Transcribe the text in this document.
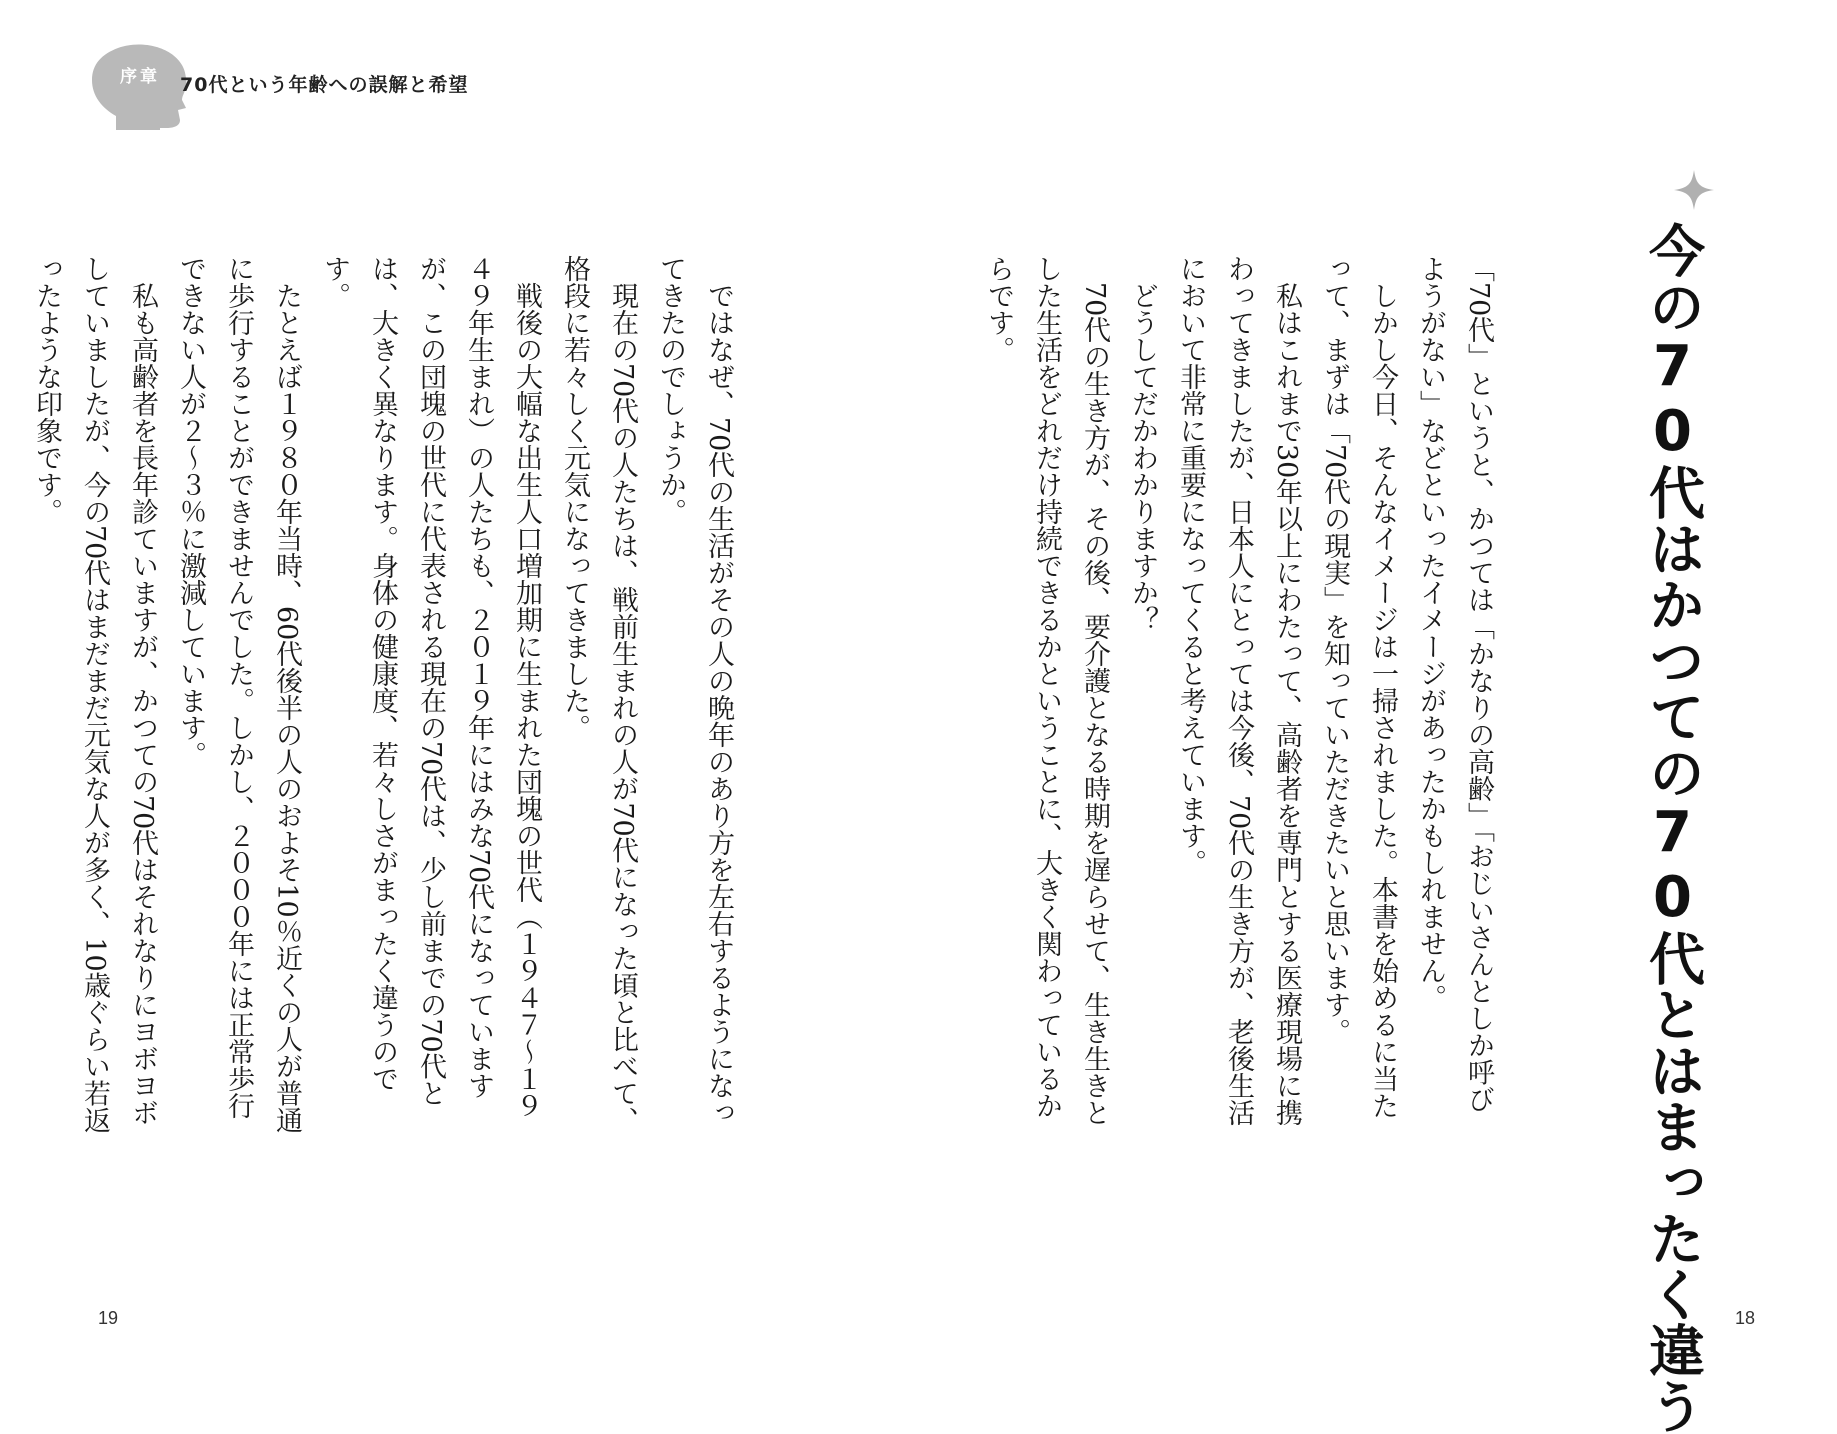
序章 70代という年齢への誤解と希望
今の70代はかつての70代とはまったく違う

「70代」というと、かつては「かなりの高齢」「おじいさんとしか呼びようがない」などといったイメージがあったかもしれません。

しかし今日、そんなイメージは一掃されました。本書を始めるに当たって、まずは「70代の現実」を知っていただきたいと思います。

私はこれまで30年以上にわたって、高齢者を専門とする医療現場に携わってきましたが、日本人にとっては今後、70代の生き方が、老後生活において非常に重要になってくると考えています。

どうしてだかわかりますか？

70代の生き方が、その後、要介護となる時期を遅らせて、生き生きとした生活をどれだけ持続できるかということに、大きく関わっているからです。

ではなぜ、70代の生活がその人の晩年のあり方を左右するようになってきたのでしょうか。

現在の70代の人たちは、戦前生まれの人が70代になった頃と比べて、格段に若々しく元気になってきました。

戦後の大幅な出生人口増加期に生まれた団塊の世代（１９４７〜１９４９年生まれ）の人たちも、２０１９年にはみな70代になっていますが、この団塊の世代に代表される現在の70代は、少し前までの70代とは、大きく異なります。身体の健康度、若々しさがまったく違うのです。

たとえば１９８０年当時、60代後半の人のおよそ10％近くの人が普通に歩行することができませんでした。しかし、２０００年には正常歩行できない人が２〜３％に激減しています。

私も高齢者を長年診ていますが、かつての70代はそれなりにヨボヨボしていましたが、今の70代はまだまだ元気な人が多く、10歳ぐらい若返ったような印象です。

19	18
